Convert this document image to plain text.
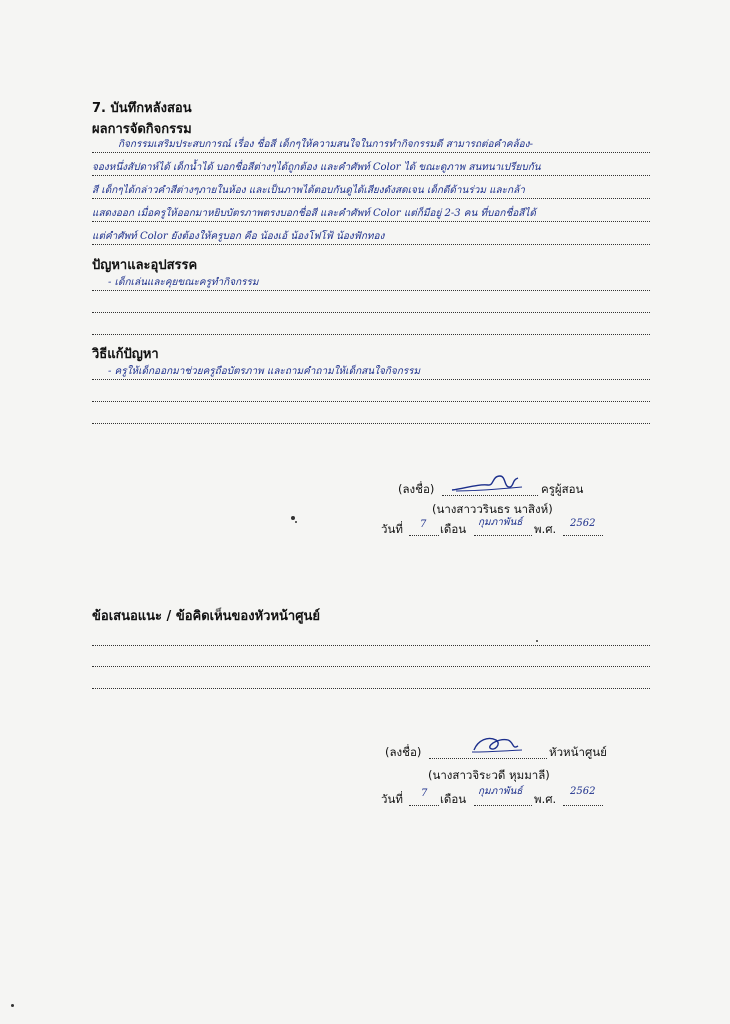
7. บันทึกหลังสอน
ผลการจัดกิจกรรม
กิจกรรมเสริมประสบการณ์ เรื่อง ชื่อสี เด็กๆให้ความสนใจในการทำกิจกรรมดี สามารถต่อคำคล้อง-
จองหนึ่งสัปดาห์ได้ เด็กน้ำได้ บอกชื่อสีต่างๆได้ถูกต้อง และคำศัพท์ Color ได้ ขณะดูภาพ สนทนาเปรียบกัน
สี เด็กๆได้กล่าวคำสีต่างๆภายในห้อง และเป็นภาพได้ตอบกันดูได้เสียงดังสดเจน เด็กดีด้านร่วม และกล้า
แสดงออก เมื่อครูให้ออกมาหยิบบัตรภาพตรงบอกชื่อสี และคำศัพท์ Color แต่ก็มีอยู่ 2-3 คน ที่บอกชื่อสีได้
แต่คำศัพท์ Color ยังต้องให้ครูบอก คือ น้องเอ้ น้องโฟโฟ้ น้องฟักทอง
ปัญหาและอุปสรรค
- เด็กเล่นและคุยขณะครูทำกิจกรรม
วิธีแก้ปัญหา
- ครูให้เด็กออกมาช่วยครูถือบัตรภาพ และถามคำถามให้เด็กสนใจกิจกรรม
(ลงชื่อ)	ครูผู้สอน
(นางสาววรินธร นาสิงห์)
วันที่ 7 เดือน กุมภาพันธ์ พ.ศ. 2562
ข้อเสนอแนะ / ข้อคิดเห็นของหัวหน้าศูนย์
(ลงชื่อ)	หัวหน้าศูนย์
(นางสาวจิระวดี หุมมาลี)
วันที่ 7 เดือน
กุมภาพันธ์
พ.ศ.
2562
